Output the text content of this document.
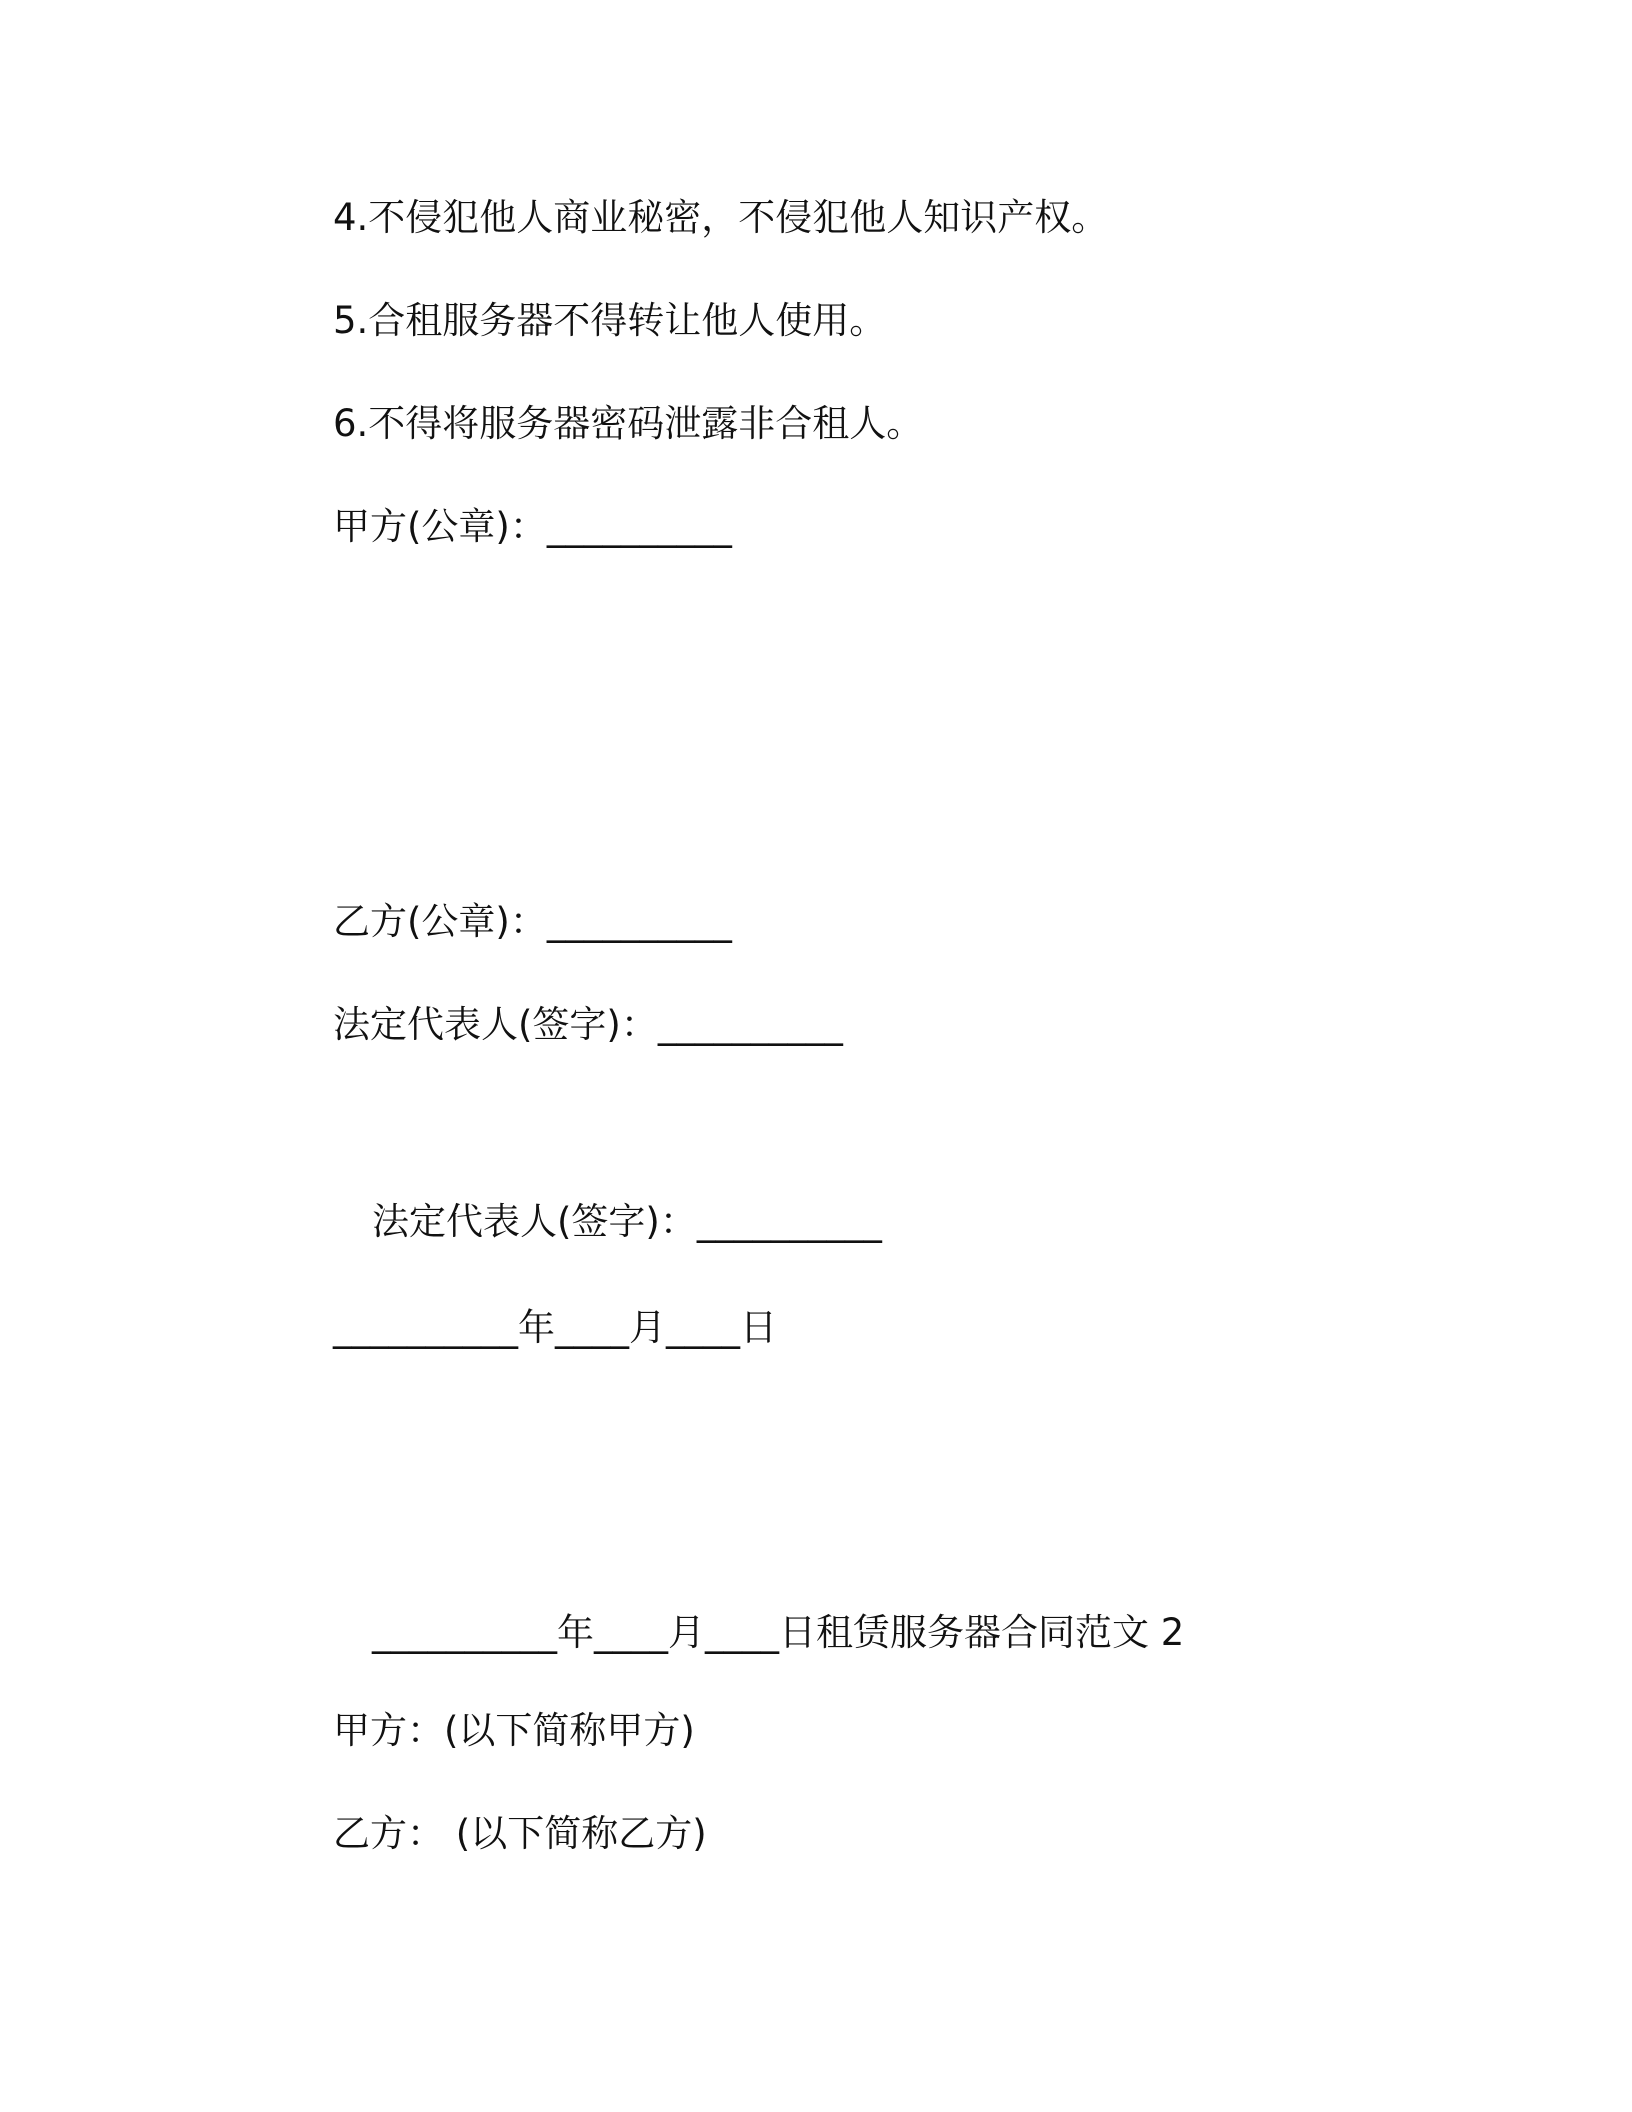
4.不侵犯他人商业秘密，不侵犯他人知识产权。
5.合租服务器不得转让他人使用。
6.不得将服务器密码泄露非合租人。
甲方(公章)：__________
乙方(公章)：__________
法定代表人(签字)：__________
法定代表人(签字)：__________
__________年____月____日
__________年____月____日租赁服务器合同范文 2
甲方：(以下简称甲方)
乙方： (以下简称乙方)
